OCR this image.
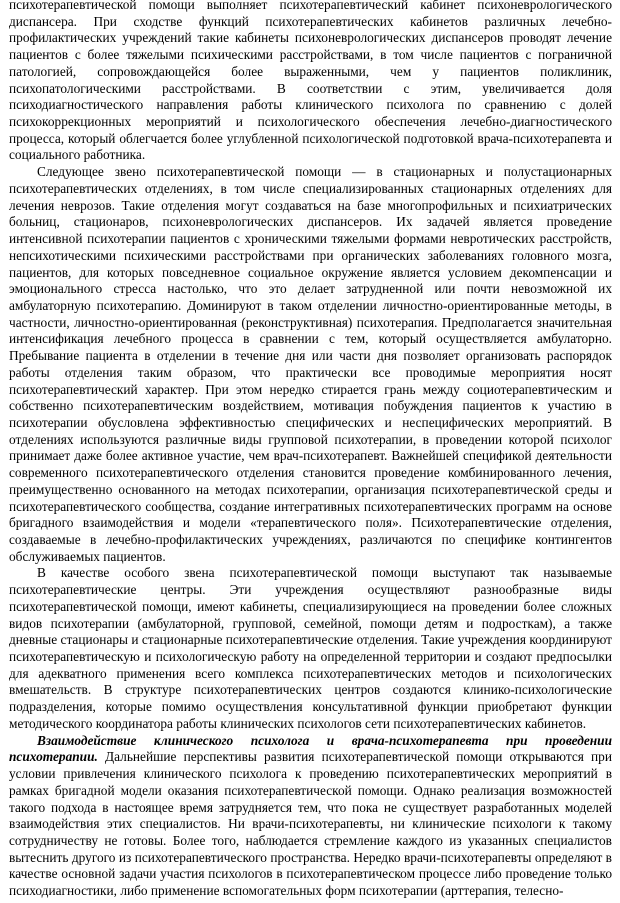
психотерапевтической помощи выполняет психотерапевтический кабинет психоневрологического диспансера. При сходстве функций психотерапевтических кабинетов различных лечебно-профилактических учреждений такие кабинеты психоневрологических диспансеров проводят лечение пациентов с более тяжелыми психическими расстройствами, в том числе пациентов с пограничной патологией, сопровождающейся более выраженными, чем у пациентов поликлиник, психопатологическими расстройствами. В соответствии с этим, увеличивается доля психодиагностического направления работы клинического психолога по сравнению с долей психокоррекционных мероприятий и психологического обеспечения лечебно-диагностического процесса, который облегчается более углубленной психологической подготовкой врача-психотерапевта и социального работника.

Следующее звено психотерапевтической помощи — в стационарных и полустационарных психотерапевтических отделениях, в том числе специализированных стационарных отделениях для лечения неврозов. Такие отделения могут создаваться на базе многопрофильных и психиатрических больниц, стационаров, психоневрологических диспансеров. Их задачей является проведение интенсивной психотерапии пациентов с хроническими тяжелыми формами невротических расстройств, непсихотическими психическими расстройствами при органических заболеваниях головного мозга, пациентов, для которых повседневное социальное окружение является условием декомпенсации и эмоционального стресса настолько, что это делает затрудненной или почти невозможной их амбулаторную психотерапию. Доминируют в таком отделении личностно-ориентированные методы, в частности, личностно-ориентированная (реконструктивная) психотерапия. Предполагается значительная интенсификация лечебного процесса в сравнении с тем, который осуществляется амбулаторно. Пребывание пациента в отделении в течение дня или части дня позволяет организовать распорядок работы отделения таким образом, что практически все проводимые мероприятия носят психотерапевтический характер. При этом нередко стирается грань между социотерапевтическим и собственно психотерапевтическим воздействием, мотивация побуждения пациентов к участию в психотерапии обусловлена эффективностью специфических и неспецифических мероприятий. В отделениях используются различные виды групповой психотерапии, в проведении которой психолог принимает даже более активное участие, чем врач-психотерапевт. Важнейшей спецификой деятельности современного психотерапевтического отделения становится проведение комбинированного лечения, преимущественно основанного на методах психотерапии, организация психотерапевтической среды и психотерапевтического сообщества, создание интегративных психотерапевтических программ на основе бригадного взаимодействия и модели «терапевтического поля». Психотерапевтические отделения, создаваемые в лечебно-профилактических учреждениях, различаются по специфике контингентов обслуживаемых пациентов.

В качестве особого звена психотерапевтической помощи выступают так называемые психотерапевтические центры. Эти учреждения осуществляют разнообразные виды психотерапевтической помощи, имеют кабинеты, специализирующиеся на проведении более сложных видов психотерапии (амбулаторной, групповой, семейной, помощи детям и подросткам), а также дневные стационары и стационарные психотерапевтические отделения. Такие учреждения координируют психотерапевтическую и психологическую работу на определенной территории и создают предпосылки для адекватного применения всего комплекса психотерапевтических методов и психологических вмешательств. В структуре психотерапевтических центров создаются клинико-психологические подразделения, которые помимо осуществления консультативной функции приобретают функции методического координатора работы клинических психологов сети психотерапевтических кабинетов.

Взаимодействие клинического психолога и врача-психотерапевта при проведении психотерапии. Дальнейшие перспективы развития психотерапевтической помощи открываются при условии привлечения клинического психолога к проведению психотерапевтических мероприятий в рамках бригадной модели оказания психотерапевтической помощи. Однако реализация возможностей такого подхода в настоящее время затрудняется тем, что пока не существует разработанных моделей взаимодействия этих специалистов. Ни врачи-психотерапевты, ни клинические психологи к такому сотрудничеству не готовы. Более того, наблюдается стремление каждого из указанных специалистов вытеснить другого из психотерапевтического пространства. Нередко врачи-психотерапевты определяют в качестве основной задачи участия психологов в психотерапевтическом процессе либо проведение только психодиагностики, либо применение вспомогательных форм психотерапии (арттерапия, телесно-
